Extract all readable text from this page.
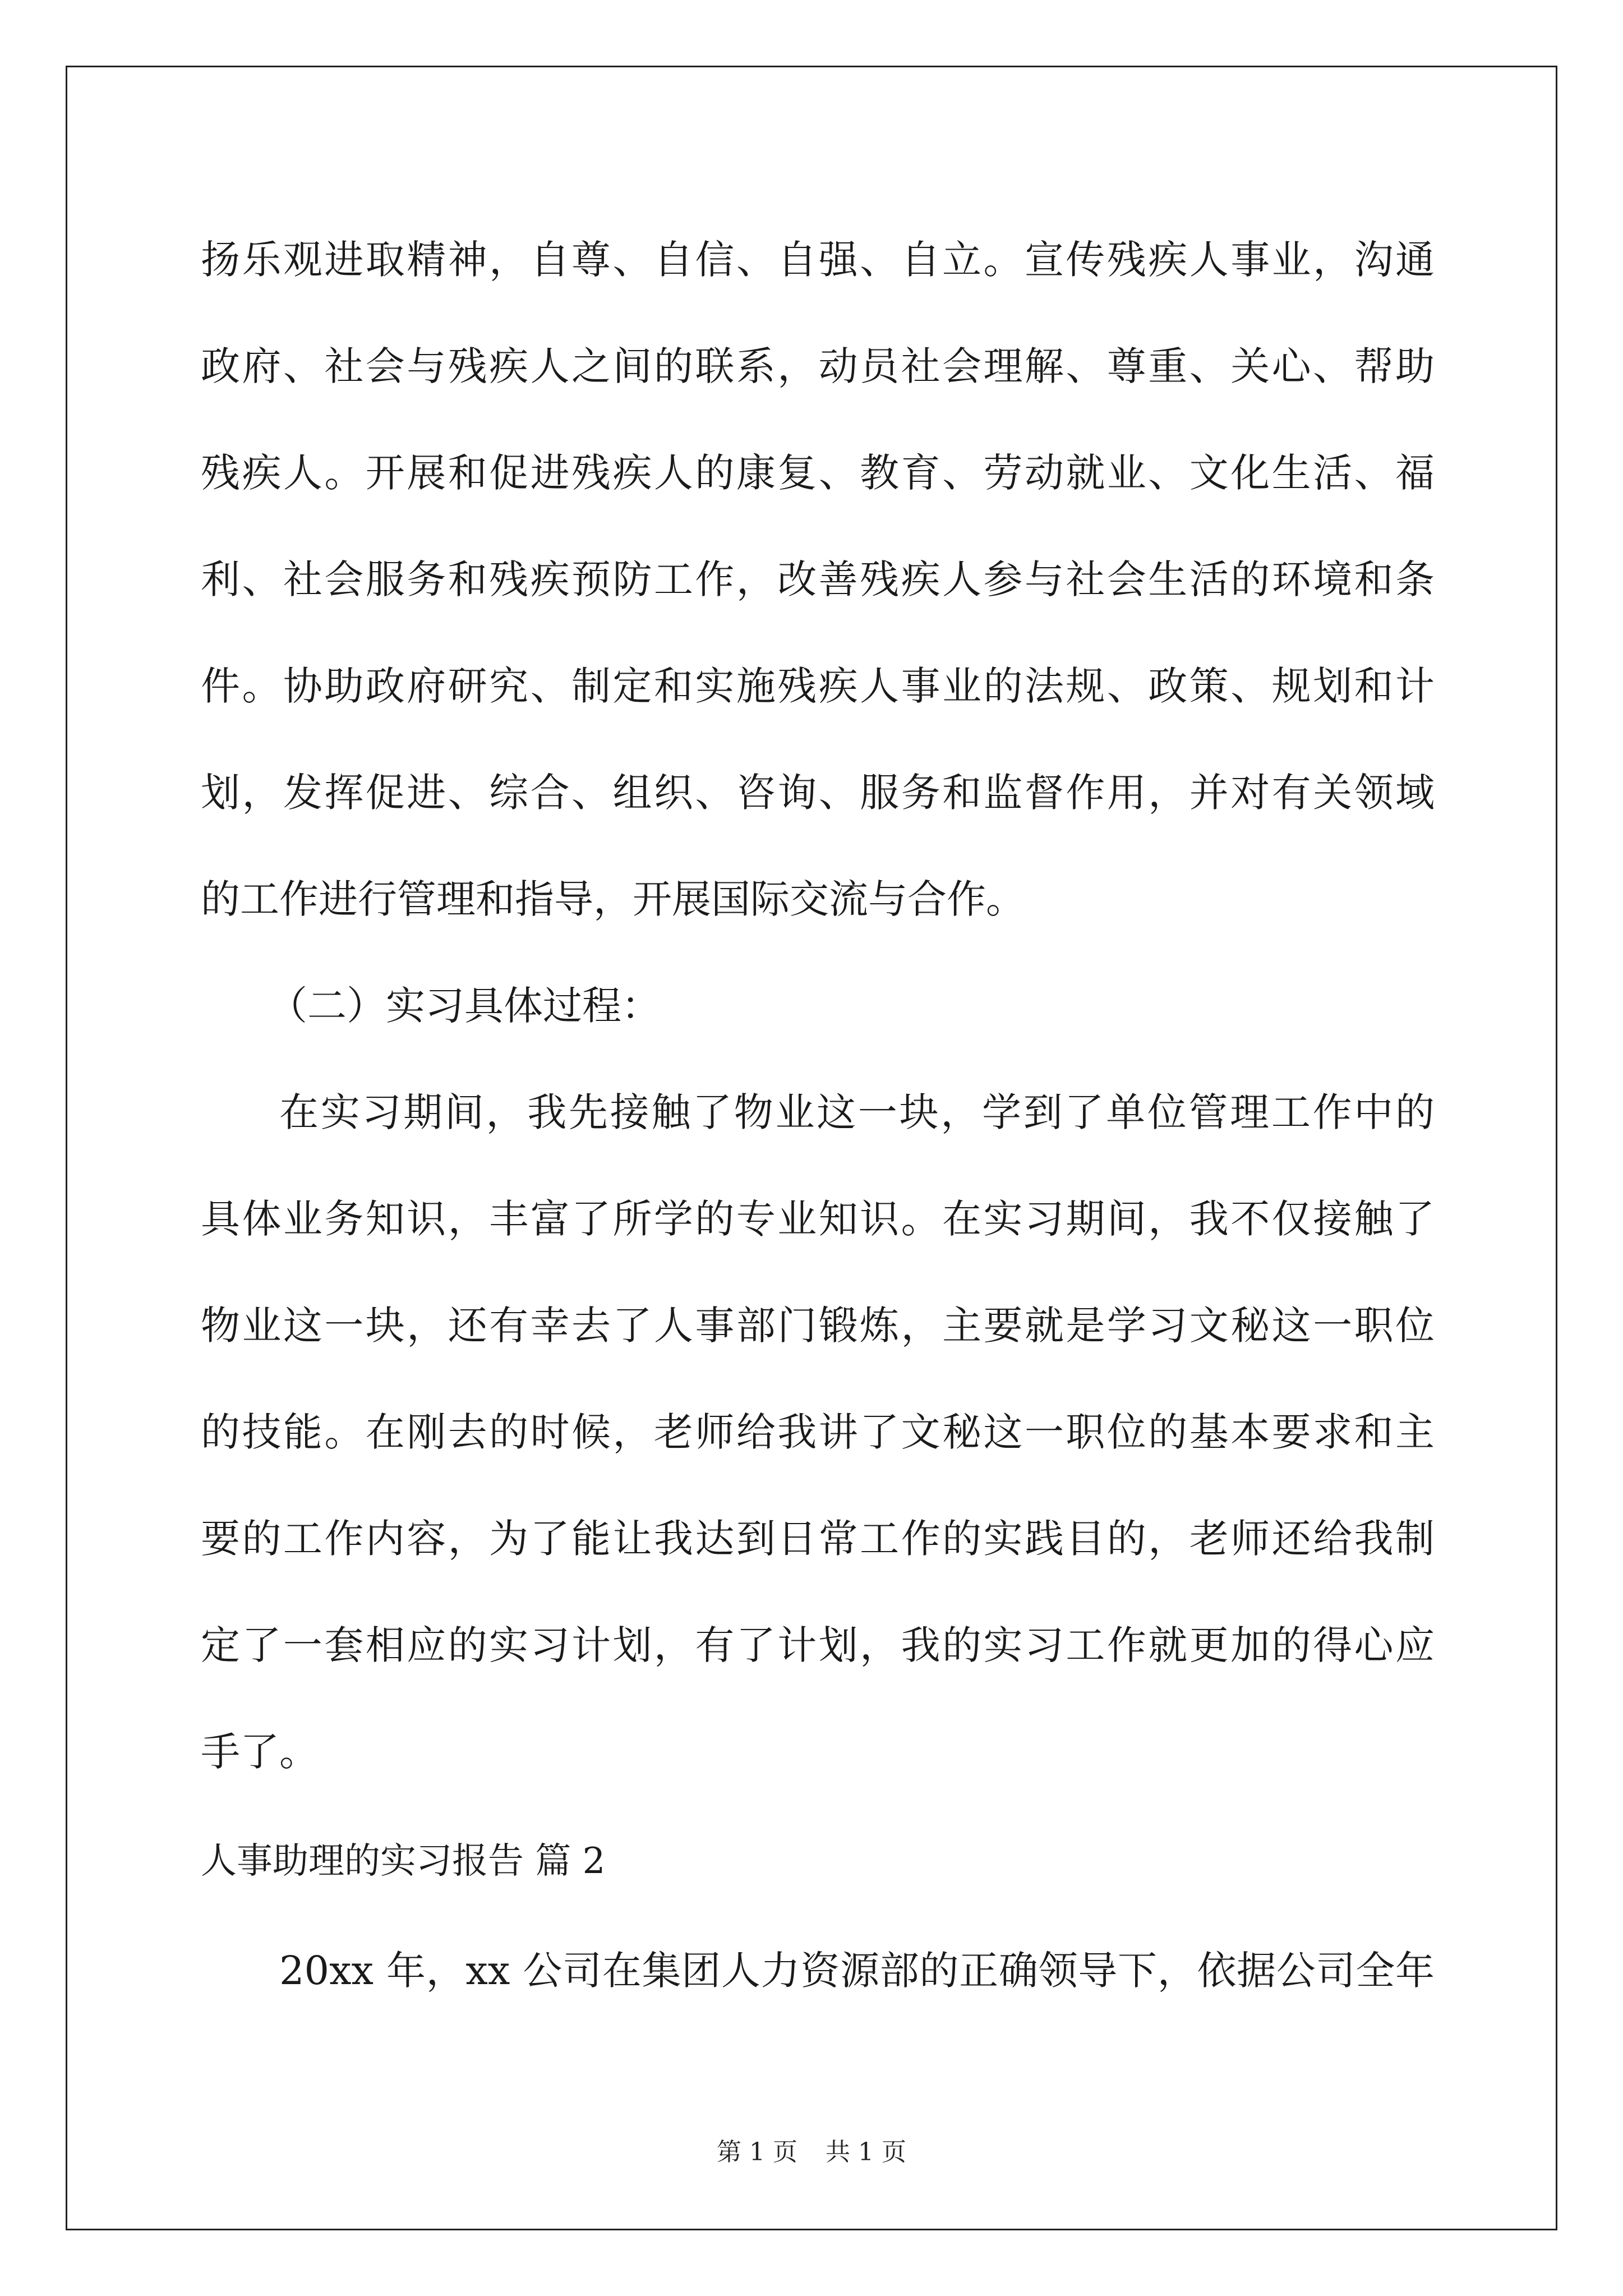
扬乐观进取精神，自尊、自信、自强、自立。宣传残疾人事业，沟通
政府、社会与残疾人之间的联系，动员社会理解、尊重、关心、帮助
残疾人。开展和促进残疾人的康复、教育、劳动就业、文化生活、福
利、社会服务和残疾预防工作，改善残疾人参与社会生活的环境和条
件。协助政府研究、制定和实施残疾人事业的法规、政策、规划和计
划，发挥促进、综合、组织、咨询、服务和监督作用，并对有关领域
的工作进行管理和指导，开展国际交流与合作。
（二）实习具体过程：
在实习期间，我先接触了物业这一块，学到了单位管理工作中的
具体业务知识，丰富了所学的专业知识。在实习期间，我不仅接触了
物业这一块，还有幸去了人事部门锻炼，主要就是学习文秘这一职位
的技能。在刚去的时候，老师给我讲了文秘这一职位的基本要求和主
要的工作内容，为了能让我达到日常工作的实践目的，老师还给我制
定了一套相应的实习计划，有了计划，我的实习工作就更加的得心应
手了。
人事助理的实习报告 篇 2
20xx 年，xx 公司在集团人力资源部的正确领导下，依据公司全年
第 1 页 共 1 页
